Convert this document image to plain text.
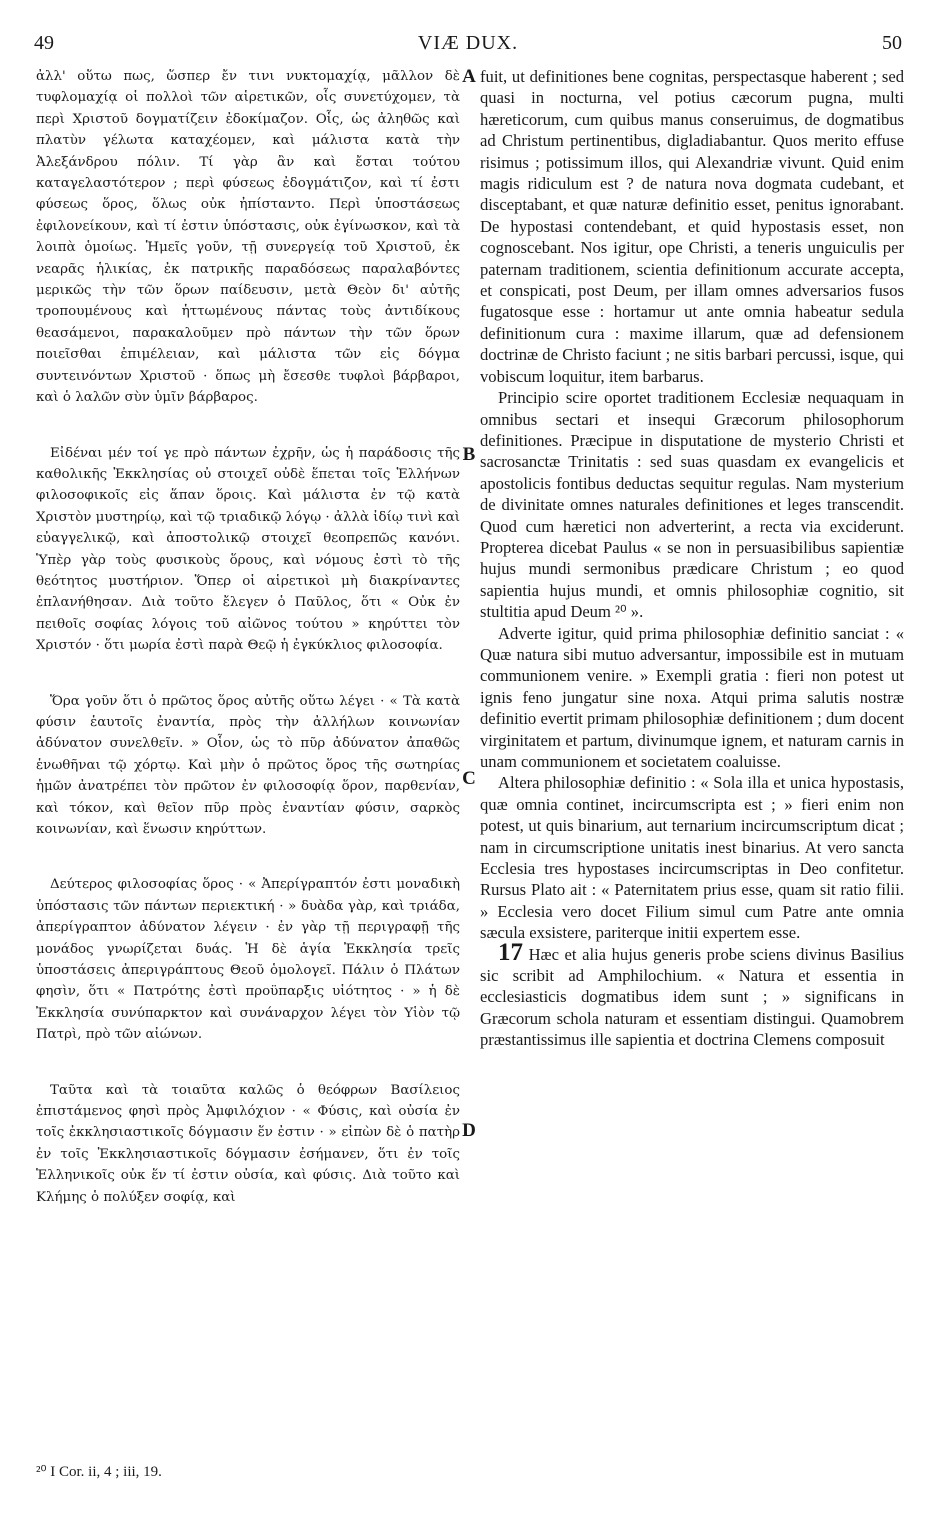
49	VIÆ DUX.	50

ἀλλ' οὕτω πως, ὥσπερ ἔν τινι νυκτομαχίᾳ, μᾶλλον δὲ τυφλομαχίᾳ οἱ πολλοὶ τῶν αἱρετικῶν, οἷς συνετύχομεν, τὰ περὶ Χριστοῦ δογματίζειν ἐδοκίμαζον. Οἷς, ὡς ἀληθῶς καὶ πλατὺν γέλωτα καταχέομεν, καὶ μάλιστα κατὰ τὴν Ἀλεξάνδρου πόλιν. Τί γὰρ ἂν καὶ ἔσται τούτου καταγελαστότερον ; περὶ φύσεως ἐδογμάτιζον, καὶ τί ἐστι φύσεως ὅρος, ὅλως οὐκ ἠπίσταντο. Περὶ ὑποστάσεως ἐφιλονείκουν, καὶ τί ἐστιν ὑπόστασις, οὐκ ἐγίνωσκον, καὶ τὰ λοιπὰ ὁμοίως. Ἡμεῖς γοῦν, τῇ συνεργείᾳ τοῦ Χριστοῦ, ἐκ νεαρᾶς ἡλικίας, ἐκ πατρικῆς παραδόσεως παραλαβόντες μερικῶς τὴν τῶν ὅρων παίδευσιν, μετὰ Θεὸν δι' αὐτῆς τροπουμένους καὶ ἡττωμένους πάντας τοὺς ἀντιδίκους θεασάμενοι, παρακαλοῦμεν πρὸ πάντων τὴν τῶν ὅρων ποιεῖσθαι ἐπιμέλειαν, καὶ μάλιστα τῶν εἰς δόγμα συντεινόντων Χριστοῦ · ὅπως μὴ ἔσεσθε τυφλοὶ βάρβαροι, καὶ ὁ λαλῶν σὺν ὑμῖν βάρβαρος.

Εἰδέναι μέν τοί γε πρὸ πάντων ἐχρῆν, ὡς ἡ παράδοσις τῆς καθολικῆς Ἐκκλησίας οὐ στοιχεῖ οὐδὲ ἕπεται τοῖς Ἑλλήνων φιλοσοφικοῖς εἰς ἅπαν ὅροις. Καὶ μάλιστα ἐν τῷ κατὰ Χριστὸν μυστηρίῳ, καὶ τῷ τριαδικῷ λόγῳ · ἀλλὰ ἰδίῳ τινὶ καὶ εὐαγγελικῷ, καὶ ἀποστολικῷ στοιχεῖ θεοπρεπῶς κανόνι. Ὑπὲρ γὰρ τοὺς φυσικοὺς ὅρους, καὶ νόμους ἐστὶ τὸ τῆς θεότητος μυστήριον. Ὅπερ οἱ αἱρετικοὶ μὴ διακρίναντες ἐπλανήθησαν. Διὰ τοῦτο ἔλεγεν ὁ Παῦλος, ὅτι « Οὐκ ἐν πειθοῖς σοφίας λόγοις τοῦ αἰῶνος τούτου » κηρύττει τὸν Χριστόν · ὅτι μωρία ἐστὶ παρὰ Θεῷ ἡ ἐγκύκλιος φιλοσοφία.

Ὅρα γοῦν ὅτι ὁ πρῶτος ὅρος αὐτῆς οὕτω λέγει · « Τὰ κατὰ φύσιν ἑαυτοῖς ἐναντία, πρὸς τὴν ἀλλήλων κοινωνίαν ἀδύνατον συνελθεῖν. » Οἷον, ὡς τὸ πῦρ ἀδύνατον ἀπαθῶς ἑνωθῆναι τῷ χόρτῳ. Καὶ μὴν ὁ πρῶτος ὅρος τῆς σωτηρίας ἡμῶν ἀνατρέπει τὸν πρῶτον ἐν φιλοσοφίᾳ ὅρον, παρθενίαν, καὶ τόκον, καὶ θεῖον πῦρ πρὸς ἐναντίαν φύσιν, σαρκὸς κοινωνίαν, καὶ ἕνωσιν κηρύττων.

Δεύτερος φιλοσοφίας ὅρος · « Ἀπερίγραπτόν ἐστι μοναδικὴ ὑπόστασις τῶν πάντων περιεκτική · » δυὰδα γὰρ, καὶ τριάδα, ἀπερίγραπτον ἀδύνατον λέγειν · ἐν γὰρ τῇ περιγραφῇ τῆς μονάδος γνωρίζεται δυάς. Ἡ δὲ ἁγία Ἐκκλησία τρεῖς ὑποστάσεις ἀπεριγράπτους Θεοῦ ὁμολογεῖ. Πάλιν ὁ Πλάτων φησὶν, ὅτι « Πατρότης ἐστὶ προϋπαρξις υἱότητος · » ἡ δὲ Ἐκκλησία συνύπαρκτον καὶ συνάναρχον λέγει τὸν Υἱὸν τῷ Πατρὶ, πρὸ τῶν αἰώνων.

Ταῦτα καὶ τὰ τοιαῦτα καλῶς ὁ θεόφρων Βασίλειος ἐπιστάμενος φησὶ πρὸς Ἀμφιλόχιον · « Φύσις, καὶ οὐσία ἐν τοῖς ἐκκλησιαστικοῖς δόγμασιν ἕν ἐστιν · » εἰπὼν δὲ ὁ πατὴρ ἐν τοῖς Ἐκκλησιαστικοῖς δόγμασιν ἐσήμανεν, ὅτι ἐν τοῖς Ἑλληνικοῖς οὐκ ἕν τί ἐστιν οὐσία, καὶ φύσις. Διὰ τοῦτο καὶ Κλήμης ὁ πολύξεν σοφίᾳ, καὶ

A
B
C
D

fuit, ut definitiones bene cognitas, perspectasque haberent ; sed quasi in nocturna, vel potius cæcorum pugna, multi hæreticorum, cum quibus manus conseruimus, de dogmatibus ad Christum pertinentibus, digladiabantur. Quos merito effuse risimus ; potissimum illos, qui Alexandriæ vivunt. Quid enim magis ridiculum est ? de natura nova dogmata cudebant, et disceptabant, et quæ naturæ definitio esset, penitus ignorabant. De hypostasi contendebant, et quid hypostasis esset, non cognoscebant. Nos igitur, ope Christi, a teneris unguiculis per paternam traditionem, scientia definitionum accurate accepta, et conspicati, post Deum, per illam omnes adversarios fusos fugatosque esse : hortamur ut ante omnia habeatur sedula definitionum cura : maxime illarum, quæ ad defensionem doctrinæ de Christo faciunt ; ne sitis barbari percussi, isque, qui vobiscum loquitur, item barbarus.

Principio scire oportet traditionem Ecclesiæ nequaquam in omnibus sectari et insequi Græcorum philosophorum definitiones. Præcipue in disputatione de mysterio Christi et sacrosanctæ Trinitatis : sed suas quasdam ex evangelicis et apostolicis fontibus deductas sequitur regulas. Nam mysterium de divinitate omnes naturales definitiones et leges transcendit. Quod cum hæretici non adverterint, a recta via exciderunt. Propterea dicebat Paulus « se non in persuasibilibus sapientiæ hujus mundi sermonibus prædicare Christum ; eo quod sapientia hujus mundi, et omnis philosophiæ cognitio, sit stultitia apud Deum ²⁰ ».

Adverte igitur, quid prima philosophiæ definitio sanciat : « Quæ natura sibi mutuo adversantur, impossibile est in mutuam communionem venire. » Exempli gratia : fieri non potest ut ignis feno jungatur sine noxa. Atqui prima salutis nostræ definitio evertit primam philosophiæ definitionem ; dum docent virginitatem et partum, divinumque ignem, et naturam carnis in unam communionem et societatem coaluisse.

Altera philosophiæ definitio : « Sola illa et unica hypostasis, quæ omnia continet, incircumscripta est ; » fieri enim non potest, ut quis binarium, aut ternarium incircumscriptum dicat ; nam in circumscriptione unitatis inest binarius. At vero sancta Ecclesia tres hypostases incircumscriptas in Deo confitetur. Rursus Plato ait : « Paternitatem prius esse, quam sit ratio filii. » Ecclesia vero docet Filium simul cum Patre ante omnia sæcula exsistere, pariterque initii expertem esse.

17 Hæc et alia hujus generis probe sciens divinus Basilius sic scribit ad Amphilochium. « Natura et essentia in ecclesiasticis dogmatibus idem sunt ; » significans in Græcorum schola naturam et essentiam distingui. Quamobrem præstantissimus ille sapientia et doctrina Clemens composuit

²⁰ I Cor. ii, 4 ; iii, 19.
